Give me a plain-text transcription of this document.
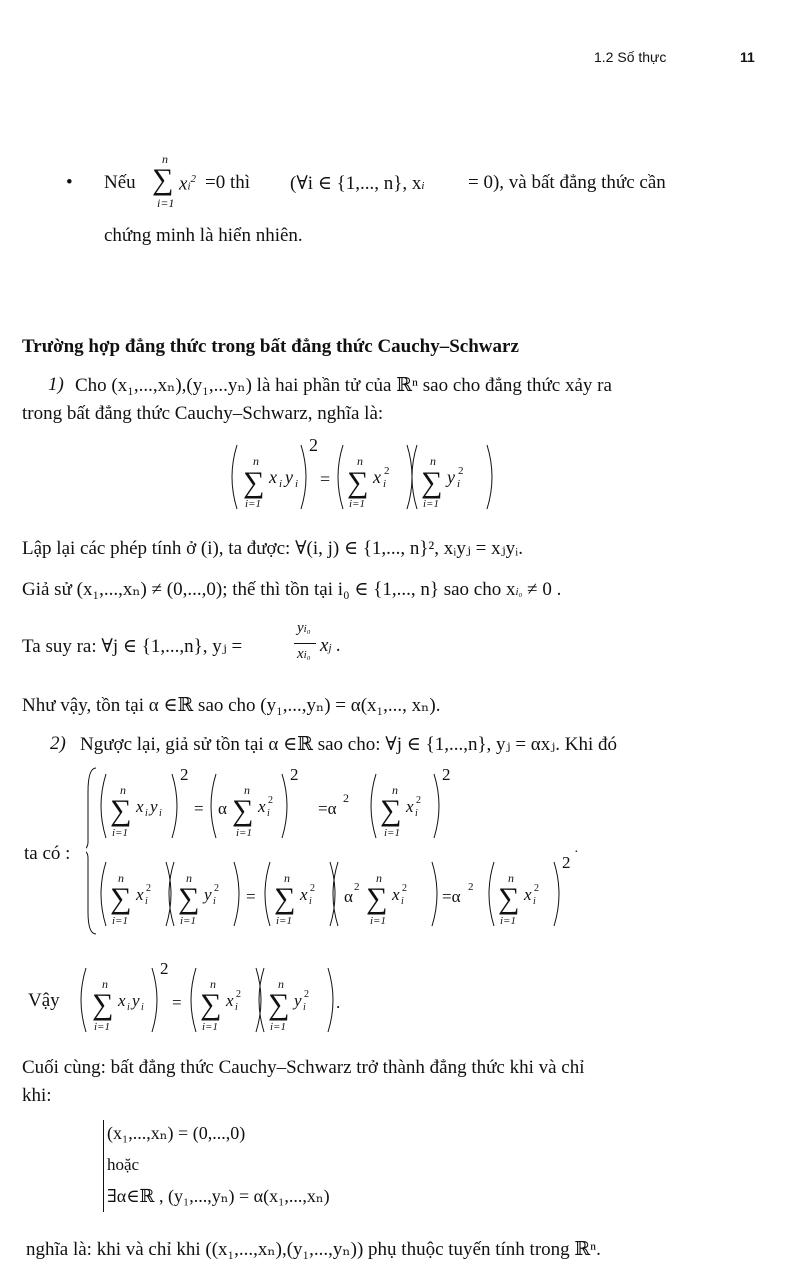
1.2 Số thực	11
• Nếu
n
∑
i=1
$xi^2 =0$ thì (∀i ∈ {1,..., n}, xi = 0), và bất đẳng thức cần
chứng minh là hiển nhiên.
Trường hợp đẳng thức trong bất đẳng thức Cauchy–Schwarz
1) Cho (x₁,...,xₙ),(y₁,...yₙ) là hai phần tử của ℝⁿ sao cho đẳng thức xảy ra
trong bất đẳng thức Cauchy–Schwarz, nghĩa là:
n
∑
i=1
x i y i
2
=
n
∑
i=1
x i
2
n
∑
i=1
y i
2
Lập lại các phép tính ở (i), ta được: ∀(i, j) ∈ {1,..., n}², xᵢyⱼ = xⱼyᵢ.
Giả sử (x₁,...,xₙ) ≠ (0,...,0); thế thì tồn tại i₀ ∈ {1,..., n} sao cho xi₀ ≠ 0 .
Ta suy ra: ∀j ∈ {1,...,n}, yⱼ =
yi₀
xi₀ xj .
Như vậy, tồn tại α ∈ℝ sao cho (y₁,...,yₙ) = α(x₁,..., xₙ).
2) Ngược lại, giả sử tồn tại α ∈ℝ sao cho: ∀j ∈ {1,...,n}, yⱼ = αxⱼ. Khi đó
ta có :
n
∑
i=1
x i y i
2
= α
n
∑
i=1
x i
2
2
=α
2
n
∑
i=1
x i
2
2
n
∑
i=1
x i
2
n
∑
i=1
y i
2 =
n
∑
i=1
x i
2 α 2
n
∑
i=1
x i
2 =α 2
n
∑
i=1
x i
2
2
·
Vậy
n
∑
i=1
x i y i
2
=
n
∑
i=1
x i
2
n
∑
i=1
y i
2 .
Cuối cùng: bất đẳng thức Cauchy–Schwarz trở thành đẳng thức khi và chỉ
khi:
(x₁,...,xₙ) = (0,...,0)
hoặc
∃α∈ℝ , (y₁,...,yₙ) = α(x₁,...,xₙ)
nghĩa là: khi và chỉ khi ((x₁,...,xₙ),(y₁,...,yₙ)) phụ thuộc tuyến tính trong ℝⁿ.
